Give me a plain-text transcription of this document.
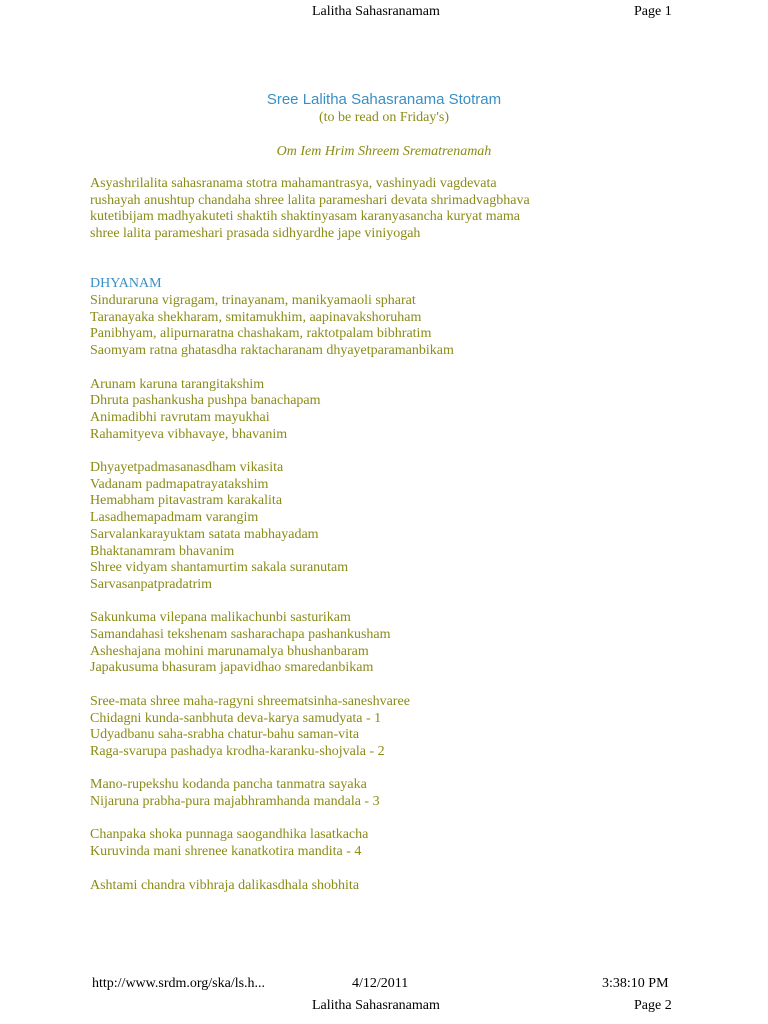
Lalitha Sahasranamam	Page 1
Sree Lalitha Sahasranama Stotram
(to be read on Friday's)
Om Iem Hrim Shreem Srematrenamah
Asyashrilalita sahasranama stotra mahamantrasya, vashinyadi vagdevata
rushayah anushtup chandaha shree lalita parameshari devata shrimadvagbhava
kutetibijam madhyakuteti shaktih shaktinyasam karanyasancha kuryat mama
shree lalita parameshari prasada sidhyardhe jape viniyogah
DHYANAM
Sinduraruna vigragam, trinayanam, manikyamaoli spharat
Taranayaka shekharam, smitamukhim, aapinavakshoruham
Panibhyam, alipurnaratna chashakam, raktotpalam bibhratim
Saomyam ratna ghatasdha raktacharanam dhyayetparamanbikam
Arunam karuna tarangitakshim
Dhruta pashankusha pushpa banachapam
Animadibhi ravrutam mayukhai
Rahamityeva vibhavaye, bhavanim
Dhyayetpadmasanasdham vikasita
Vadanam padmapatrayatakshim
Hemabham pitavastram karakalita
Lasadhemapadmam varangim
Sarvalankarayuktam satata mabhayadam
Bhaktanamram bhavanim
Shree vidyam shantamurtim sakala suranutam
Sarvasanpatpradatrim
Sakunkuma vilepana malikachunbi sasturikam
Samandahasi tekshenam sasharachapa pashankusham
Asheshajana mohini marunamalya bhushanbaram
Japakusuma bhasuram japavidhao smaredanbikam
Sree-mata shree maha-ragyni shreematsinha-saneshvaree
Chidagni kunda-sanbhuta deva-karya samudyata - 1
Udyadbanu saha-srabha chatur-bahu saman-vita
Raga-svarupa pashadya krodha-karanku-shojvala - 2
Mano-rupekshu kodanda pancha tanmatra sayaka
Nijaruna prabha-pura majabhramhanda mandala - 3
Chanpaka shoka punnaga saogandhika lasatkacha
Kuruvinda mani shrenee kanatkotira mandita - 4
Ashtami chandra vibhraja dalikasdhala shobhita
http://www.srdm.org/ska/ls.h...	4/12/2011	3:38:10 PM
Lalitha Sahasranamam	Page 2
